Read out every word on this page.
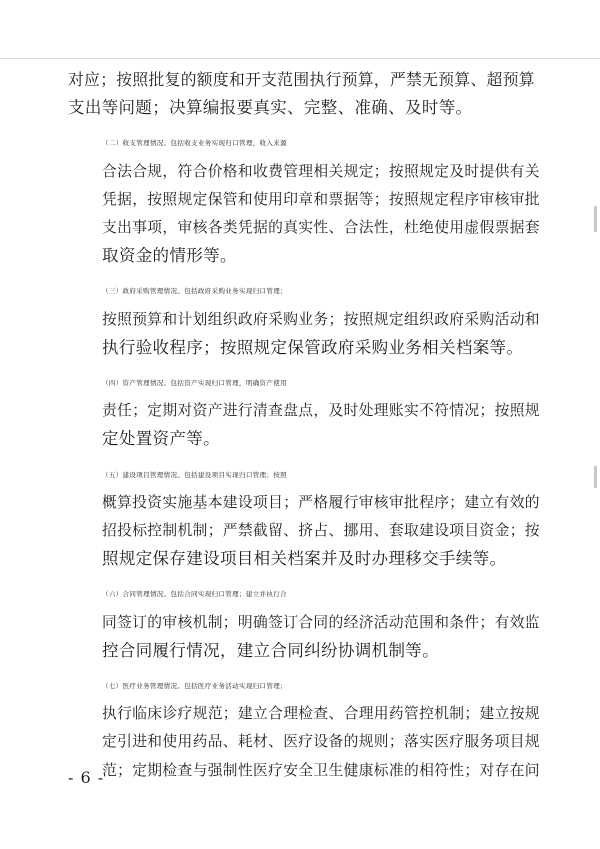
对应；按照批复的额度和开支范围执行预算，严禁无预算、超预算
支出等问题；决算编报要真实、完整、准确、及时等。

（二）收支管理情况。包括收支业务实现归口管理，收入来源
合法合规，符合价格和收费管理相关规定；按照规定及时提供有关
凭据，按照规定保管和使用印章和票据等；按照规定程序审核审批
支出事项，审核各类凭据的真实性、合法性，杜绝使用虚假票据套
取资金的情形等。

（三）政府采购管理情况。包括政府采购业务实现归口管理；
按照预算和计划组织政府采购业务；按照规定组织政府采购活动和
执行验收程序；按照规定保管政府采购业务相关档案等。

（四）资产管理情况。包括资产实现归口管理，明确资产使用
责任；定期对资产进行清查盘点，及时处理账实不符情况；按照规
定处置资产等。

（五）建设项目管理情况。包括建设项目实现归口管理；按照
概算投资实施基本建设项目；严格履行审核审批程序；建立有效的
招投标控制机制；严禁截留、挤占、挪用、套取建设项目资金；按
照规定保存建设项目相关档案并及时办理移交手续等。

（六）合同管理情况。包括合同实现归口管理；建立并执行合
同签订的审核机制；明确签订合同的经济活动范围和条件；有效监
控合同履行情况，建立合同纠纷协调机制等。

（七）医疗业务管理情况。包括医疗业务活动实现归口管理；
执行临床诊疗规范；建立合理检查、合理用药管控机制；建立按规
定引进和使用药品、耗材、医疗设备的规则；落实医疗服务项目规
范；定期检查与强制性医疗安全卫生健康标准的相符性；对存在问

- 6 -
